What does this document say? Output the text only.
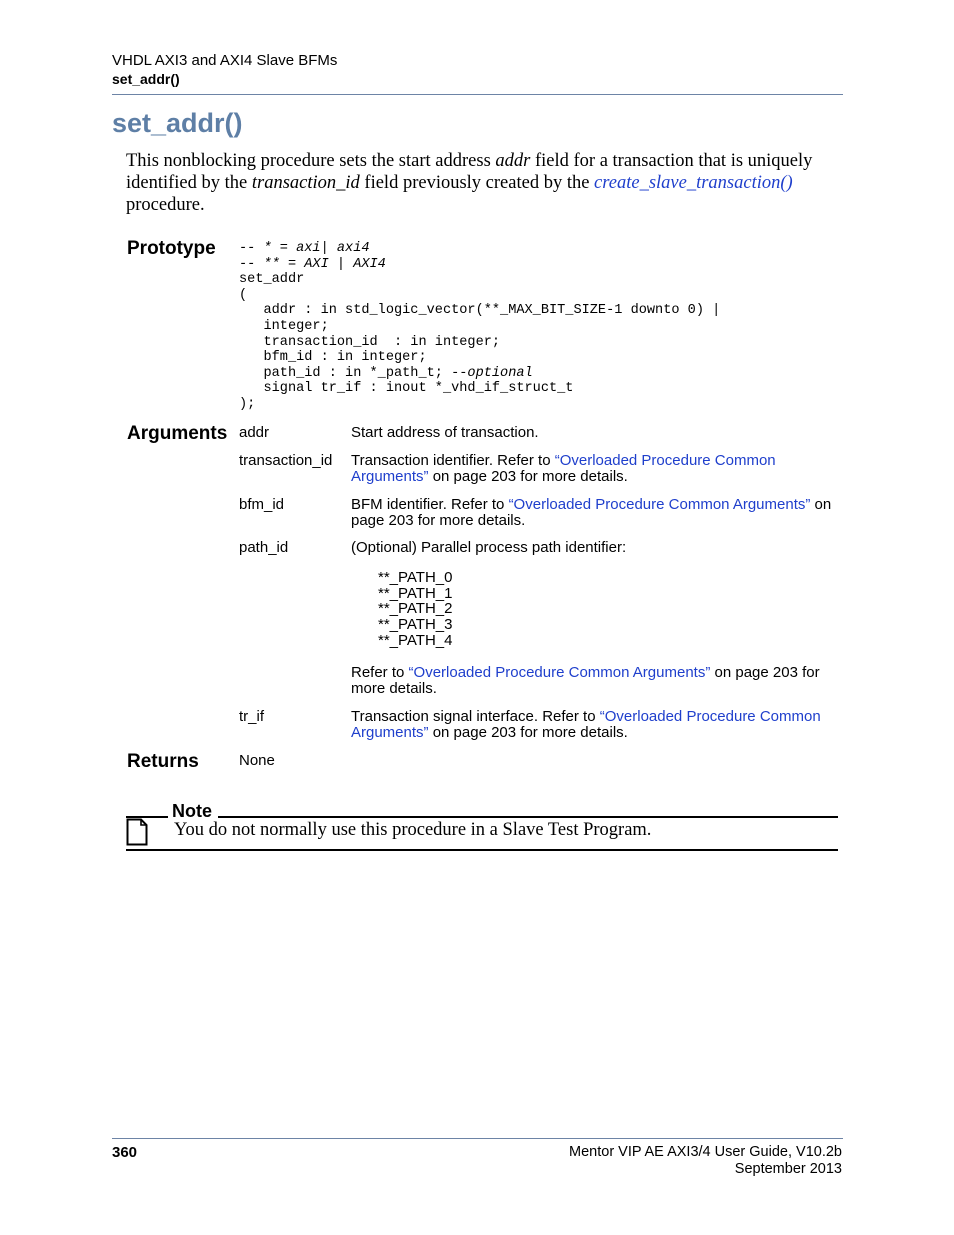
VHDL AXI3 and AXI4 Slave BFMs
set_addr()
set_addr()
This nonblocking procedure sets the start address addr field for a transaction that is uniquely identified by the transaction_id field previously created by the create_slave_transaction() procedure.
Prototype -- * = axi| axi4
-- ** = AXI | AXI4
set_addr
(
addr : in std_logic_vector(**_MAX_BIT_SIZE-1 downto 0) |
integer;
transaction_id  : in integer;
bfm_id : in integer;
path_id : in *_path_t; --optional
signal tr_if : inout *_vhd_if_struct_t
);
Arguments addr	Start address of transaction.
transaction_id Transaction identifier. Refer to “Overloaded Procedure Common Arguments” on page 203 for more details.
bfm_id	BFM identifier. Refer to “Overloaded Procedure Common Arguments” on page 203 for more details.
path_id	(Optional) Parallel process path identifier:
**_PATH_0
**_PATH_1
**_PATH_2
**_PATH_3
**_PATH_4
Refer to “Overloaded Procedure Common Arguments” on page 203 for more details.
tr_if	Transaction signal interface. Refer to “Overloaded Procedure Common Arguments” on page 203 for more details.
Returns	None
Note
You do not normally use this procedure in a Slave Test Program.
360	Mentor VIP AE AXI3/4 User Guide, V10.2b
September 2013
